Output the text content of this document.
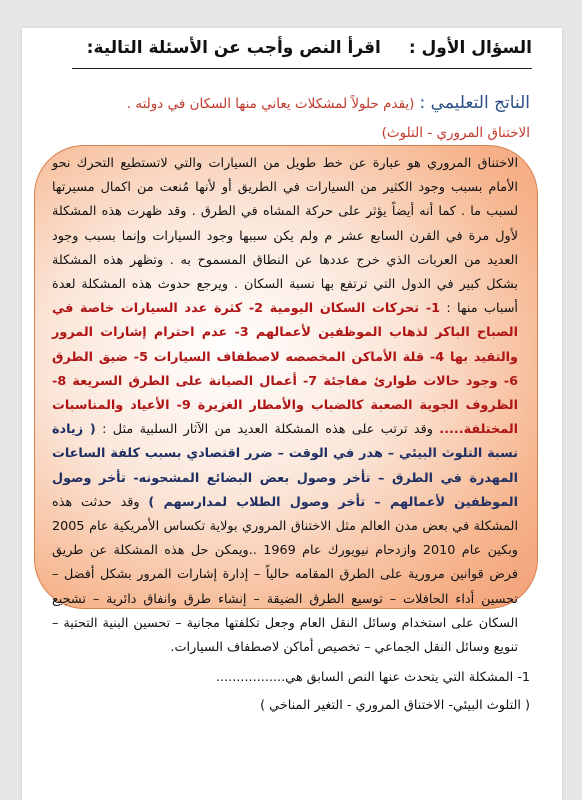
السؤال الأول : اقرأ النص وأجب عن الأسئلة التالية:
الناتج التعليمي : (يقدم حلولاً لمشكلات يعاني منها السكان في دولته . الاختناق المروري - التلوث)
الاختناق المروري هو عبارة عن خط طويل من السيارات والتي لاتستطيع التحرك نحو الأمام بسبب وجود الكثير من السيارات في الطريق أو لأنها مُنعت من اكمال مسيرتها لسبب ما . كما أنه أيضاً يؤثر على حركة المشاه في الطرق . وقد ظهرت هذه المشكلة لأول مرة في القرن السابع عشر م ولم يكن سببها وجود السيارات وإنما بسبب وجود العديد من العربات الذي خرج عددها عن النطاق المسموح به . وتظهر هذه المشكلة بشكل كبير في الدول التي ترتفع بها نسبة السكان . ويرجع حدوث هذه المشكلة لعدة أسباب منها : 1- تحركات السكان اليومية 2- كثرة عدد السيارات خاصة في الصباح الباكر لذهاب الموظفين لأعمالهم 3- عدم احترام إشارات المرور والتقيد بها 4- قلة الأماكن المخصصه لاصطفاف السيارات 5- ضيق الطرق 6- وجود حالات طوارئ مفاجئة 7- أعمال الصيانة على الطرق السريعة 8- الظروف الجوية الصعبة كالضباب والأمطار الغزيرة 9- الأعياد والمناسبات المختلفة..... وقد ترتب على هذه المشكلة العديد من الآثار السلبية مثل : ( زيادة نسبة التلوث البيئي – هدر في الوقت – ضرر اقتصادي بسبب كلفة الساعات المهدرة في الطرق – تأخر وصول بعض البضائع المشحونه- تأخر وصول الموظفين لأعمالهم – تأخر وصول الطلاب لمدارسهم ) وقد حدثت هذه المشكلة في بعض مدن العالم مثل الاختناق المروري بولاية تكساس الأمريكية عام 2005 وبكين عام 2010 وازدحام نيويورك عام 1969 ..ويمكن حل هذه المشكلة عن طريق فرض قوانين مرورية على الطرق المقامه حالياً – إدارة إشارات المرور بشكل أفضل – تحسين أداء الحافلات – توسيع الطرق الضيقة – إنشاء طرق وانفاق دائرية – تشجيع السكان على استخدام وسائل النقل العام وجعل تكلفتها مجانية – تحسين البنية التحتية – تنويع وسائل النقل الجماعي – تخصيص أماكن لاصطفاف السيارات.
1- المشكلة التي يتحدث عنها النص السابق هي.................
( التلوث البيئي- الاختناق المروري - التغير المناخي )
